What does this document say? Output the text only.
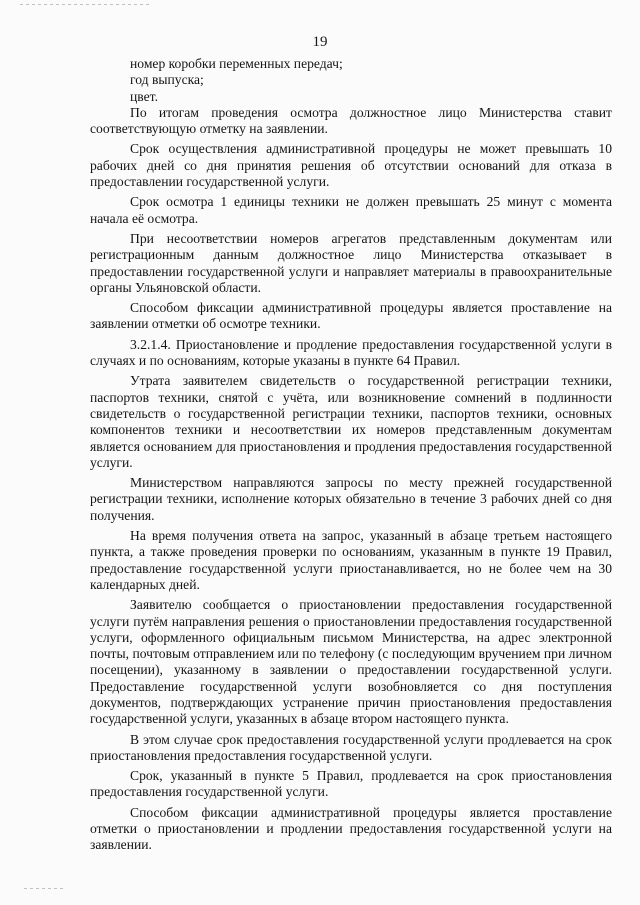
19

номер коробки переменных передач;

год выпуска;

цвет.

По итогам проведения осмотра должностное лицо Министерства ставит соответствующую отметку на заявлении.

Срок осуществления административной процедуры не может превышать 10 рабочих дней со дня принятия решения об отсутствии оснований для отказа в предоставлении государственной услуги.

Срок осмотра 1 единицы техники не должен превышать 25 минут с момента начала её осмотра.

При несоответствии номеров агрегатов представленным документам или регистрационным данным должностное лицо Министерства отказывает в предоставлении государственной услуги и направляет материалы в правоохранительные органы Ульяновской области.

Способом фиксации административной процедуры является проставление на заявлении отметки об осмотре техники.

3.2.1.4. Приостановление и продление предоставления государственной услуги в случаях и по основаниям, которые указаны в пункте 64 Правил.

Утрата заявителем свидетельств о государственной регистрации техники, паспортов техники, снятой с учёта, или возникновение сомнений в подлинности свидетельств о государственной регистрации техники, паспортов техники, основных компонентов техники и несоответствии их номеров представленным документам является основанием для приостановления и продления предоставления государственной услуги.

Министерством направляются запросы по месту прежней государственной регистрации техники, исполнение которых обязательно в течение 3 рабочих дней со дня получения.

На время получения ответа на запрос, указанный в абзаце третьем настоящего пункта, а также проведения проверки по основаниям, указанным в пункте 19 Правил, предоставление государственной услуги приостанавливается, но не более чем на 30 календарных дней.

Заявителю сообщается о приостановлении предоставления государственной услуги путём направления решения о приостановлении предоставления государственной услуги, оформленного официальным письмом Министерства, на адрес электронной почты, почтовым отправлением или по телефону (с последующим вручением при личном посещении), указанному в заявлении о предоставлении государственной услуги. Предоставление государственной услуги возобновляется со дня поступления документов, подтверждающих устранение причин приостановления предоставления государственной услуги, указанных в абзаце втором настоящего пункта.

В этом случае срок предоставления государственной услуги продлевается на срок приостановления предоставления государственной услуги.

Срок, указанный в пункте 5 Правил, продлевается на срок приостановления предоставления государственной услуги.

Способом фиксации административной процедуры является проставление отметки о приостановлении и продлении предоставления государственной услуги на заявлении.
